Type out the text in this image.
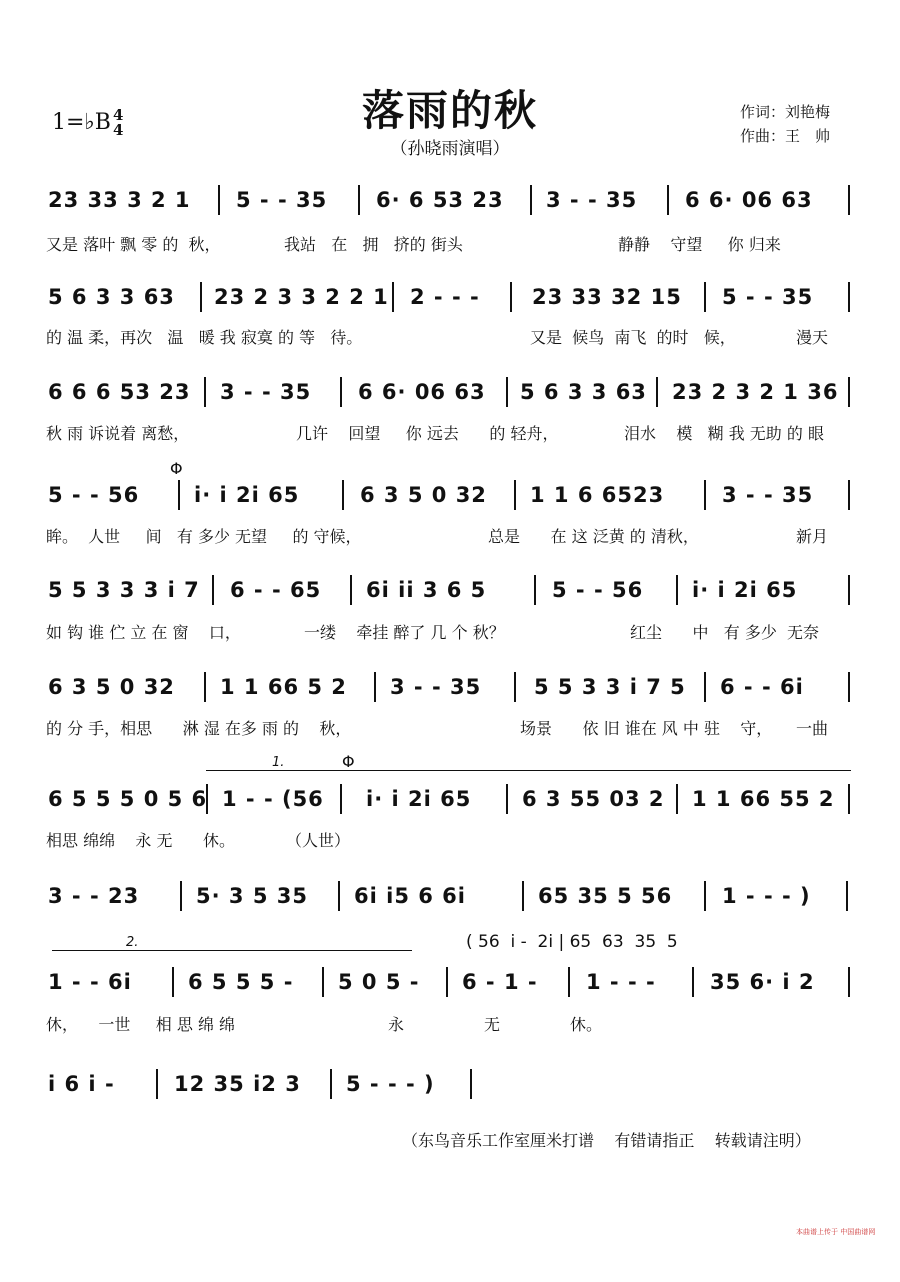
落雨的秋
（孙晓雨演唱）
1=♭B 4
4
作词：刘艳梅
作曲：王　帅

23 33 3 2 1

5 - - 35

6· 6 53 23

3 - - 35

6 6· 06 63

又是 落叶 飘 零 的  秋，

	我站   在   拥   挤的 街头

	静静    守望     你 归来

5 6 3 3 63

23 2 3 3 2 2 1

2 - - -

23 33 32 15

5 - - 35

的 温 柔，再次   温   暖 我 寂寞 的 等   待。

	又是  候鸟  南飞  的时   候，

	漫天

6 6 6 53 23

3 - - 35

6 6· 06 63

5 6 3 3 63

23 2 3 2 1 36

秋 雨 诉说着 离愁，

	几许    回望     你 远去      的 轻舟，

	泪水    模   糊 我 无助 的 眼

Φ

5 - - 56

	i· i 2i 65

	6 3 5 0 32

1 1 6 6523

	3 - - 35

眸。  人世     间   有 多少 无望     的 守候，

	总是      在 这 泛黄 的 清秋，

	新月

5 5 3 3 3 i 7

6 - - 65

6i ii 3 6 5

	5 - - 56

i· i 2i 65

如 钩 谁 伫 立 在 窗    口，

	一缕    牵挂 醉了 几 个 秋？

	红尘      中   有 多少  无奈

6 3 5 0 32

1 1 66 5 2

3 - - 35

	5 5 3 3 i 7 5

6 - - 6i

的 分 手，相思      淋 湿 在多 雨 的    秋，

	场景      依 旧 谁在 风 中 驻    守，

一曲

1.	Φ

6 5 5 5 0 5 6

1 - - (56

i· i 2i 65

6 3 55 03 2

1 1 66 55 2

相思 绵绵    永 无      休。

	（人世）

3 - - 23

	5· 3 5 35

6i i5 6 6i

	65 35 5 56

1 - - - )

2.	( 56  i -  2i | 65  63  35  5

1 - - 6i

	6 5 5 5 -

5 0 5 -

6 - 1 -

1 - - -

	35 6· i 2

休，    一世     相 思 绵 绵

	永

	无

	休。

i 6 i -

	12 35 i2 3

5 - - - )

（东鸟音乐工作室厘米打谱    有错请指正    转载请注明）
本曲谱上传于 中国曲谱网
